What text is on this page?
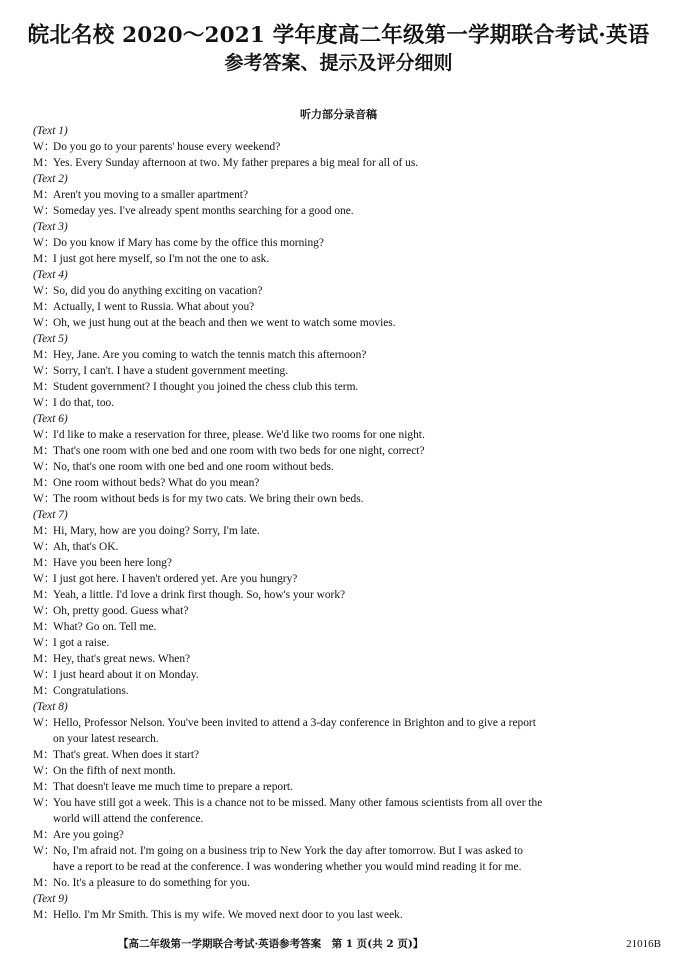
皖北名校 2020～2021 学年度高二年级第一学期联合考试·英语
参考答案、提示及评分细则
听力部分录音稿
(Text 1)
W：
Do you go to your parents' house every weekend?
M：
Yes. Every Sunday afternoon at two. My father prepares a big meal for all of us.
(Text 2)
M：
Aren't you moving to a smaller apartment?
W：
Someday yes. I've already spent months searching for a good one.
(Text 3)
W：
Do you know if Mary has come by the office this morning?
M：
I just got here myself, so I'm not the one to ask.
(Text 4)
W：
So, did you do anything exciting on vacation?
M：
Actually, I went to Russia. What about you?
W：
Oh, we just hung out at the beach and then we went to watch some movies.
(Text 5)
M：
Hey, Jane. Are you coming to watch the tennis match this afternoon?
W：
Sorry, I can't. I have a student government meeting.
M：
Student government? I thought you joined the chess club this term.
W：
I do that, too.
(Text 6)
W：
I'd like to make a reservation for three, please. We'd like two rooms for one night.
M：
That's one room with one bed and one room with two beds for one night, correct?
W：
No, that's one room with one bed and one room without beds.
M：
One room without beds? What do you mean?
W：
The room without beds is for my two cats. We bring their own beds.
(Text 7)
M：
Hi, Mary, how are you doing? Sorry, I'm late.
W：
Ah, that's OK.
M：
Have you been here long?
W：
I just got here. I haven't ordered yet. Are you hungry?
M：
Yeah, a little. I'd love a drink first though. So, how's your work?
W：
Oh, pretty good. Guess what?
M：
What? Go on. Tell me.
W：
I got a raise.
M：
Hey, that's great news. When?
W：
I just heard about it on Monday.
M：
Congratulations.
(Text 8)
W：
Hello, Professor Nelson. You've been invited to attend a 3-day conference in Brighton and to give a report
on your latest research.
M：
That's great. When does it start?
W：
On the fifth of next month.
M：
That doesn't leave me much time to prepare a report.
W：
You have still got a week. This is a chance not to be missed. Many other famous scientists from all over the
world will attend the conference.
M：
Are you going?
W：
No, I'm afraid not. I'm going on a business trip to New York the day after tomorrow. But I was asked to
have a report to be read at the conference. I was wondering whether you would mind reading it for me.
M：
No. It's a pleasure to do something for you.
(Text 9)
M：
Hello. I'm Mr Smith. This is my wife. We moved next door to you last week.
【高二年级第一学期联合考试·英语参考答案　第 1 页(共 2 页)】	21016B
